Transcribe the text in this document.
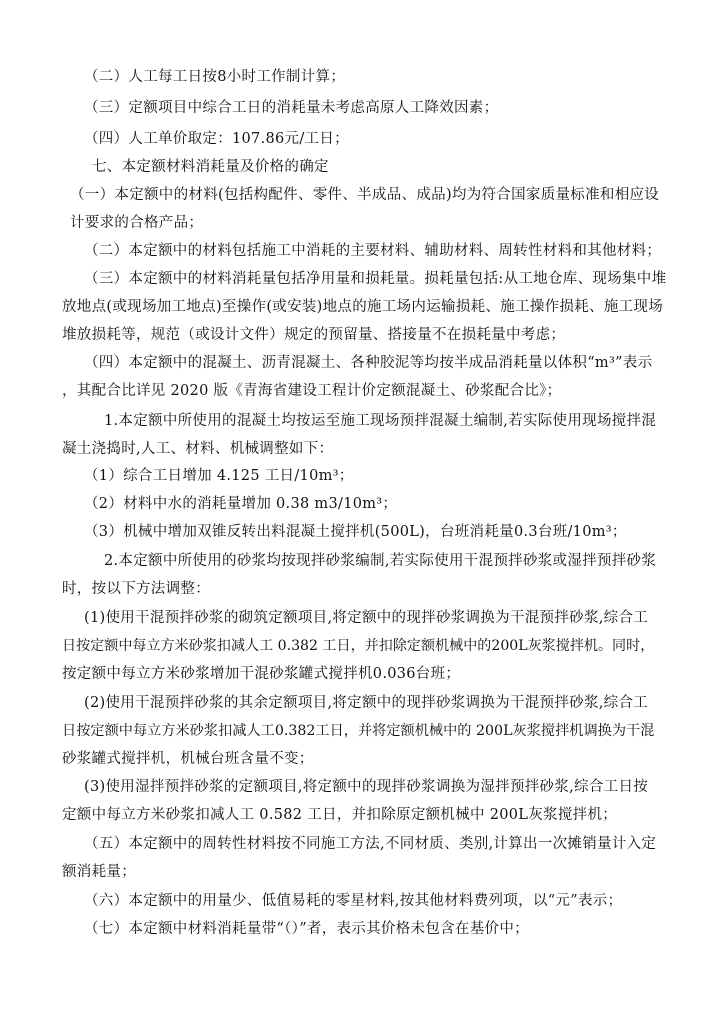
（二）人工每工日按8小时工作制计算；
（三）定额项目中综合工日的消耗量未考虑高原人工降效因素；
（四）人工单价取定：107.86元/工日；
七、本定额材料消耗量及价格的确定
（一）本定额中的材料(包括构配件、零件、半成品、成品)均为符合国家质量标准和相应设
计要求的合格产品；
（二）本定额中的材料包括施工中消耗的主要材料、辅助材料、周转性材料和其他材料；
（三）本定额中的材料消耗量包括净用量和损耗量。损耗量包括:从工地仓库、现场集中堆
放地点(或现场加工地点)至操作(或安装)地点的施工场内运输损耗、施工操作损耗、施工现场
堆放损耗等，规范（或设计文件）规定的预留量、搭接量不在损耗量中考虑；
（四）本定额中的混凝土、沥青混凝土、各种胶泥等均按半成品消耗量以体积“m³”表示
，其配合比详见 2020 版《青海省建设工程计价定额混凝土、砂浆配合比》；
1.本定额中所使用的混凝土均按运至施工现场预拌混凝土编制,若实际使用现场搅拌混
凝土浇捣时,人工、材料、机械调整如下：
（1）综合工日增加 4.125 工日/10m³；
（2）材料中水的消耗量增加 0.38 m3/10m³；
（3）机械中增加双锥反转出料混凝土搅拌机(500L)，台班消耗量0.3台班/10m³；
2.本定额中所使用的砂浆均按现拌砂浆编制,若实际使用干混预拌砂浆或湿拌预拌砂浆
时，按以下方法调整：
(1)使用干混预拌砂浆的砌筑定额项目,将定额中的现拌砂浆调换为干混预拌砂浆,综合工
日按定额中每立方米砂浆扣减人工 0.382 工日，并扣除定额机械中的200L灰浆搅拌机。同时，
按定额中每立方米砂浆增加干混砂浆罐式搅拌机0.036台班；
(2)使用干混预拌砂浆的其余定额项目,将定额中的现拌砂浆调换为干混预拌砂浆,综合工
日按定额中每立方米砂浆扣减人工0.382工日，并将定额机械中的 200L灰浆搅拌机调换为干混
砂浆罐式搅拌机，机械台班含量不变；
(3)使用湿拌预拌砂浆的定额项目,将定额中的现拌砂浆调换为湿拌预拌砂浆,综合工日按
定额中每立方米砂浆扣减人工 0.582 工日，并扣除原定额机械中 200L灰浆搅拌机；
（五）本定额中的周转性材料按不同施工方法,不同材质、类别,计算出一次摊销量计入定
额消耗量；
（六）本定额中的用量少、低值易耗的零星材料,按其他材料费列项，以“元”表示；
（七）本定额中材料消耗量带“（）”者，表示其价格未包含在基价中；
